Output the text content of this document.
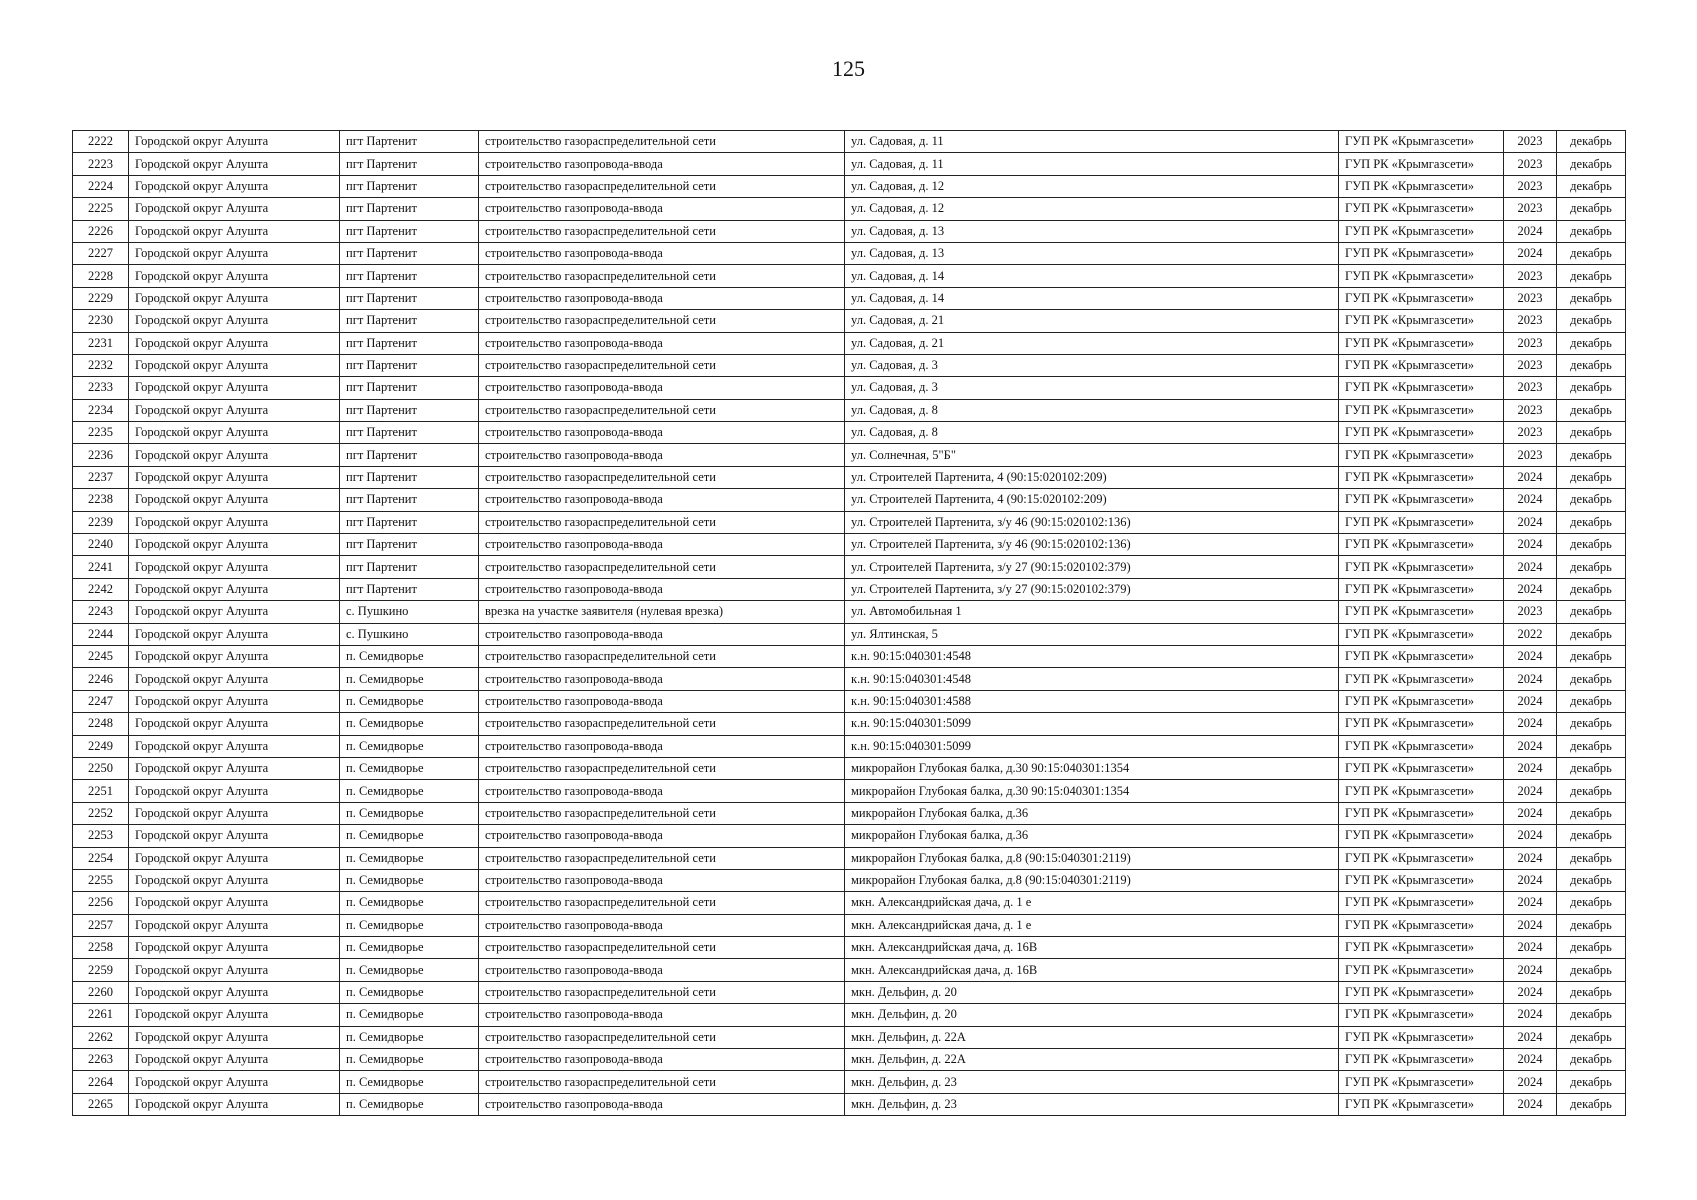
125
2222	Городской округ Алушта	пгт Партенит	строительство газораспределительной сети	ул. Садовая, д. 11	ГУП РК «Крымгазсети»	2023	декабрь
2223	Городской округ Алушта	пгт Партенит	строительство газопровода-ввода	ул. Садовая, д. 11	ГУП РК «Крымгазсети»	2023	декабрь
2224	Городской округ Алушта	пгт Партенит	строительство газораспределительной сети	ул. Садовая, д. 12	ГУП РК «Крымгазсети»	2023	декабрь
2225	Городской округ Алушта	пгт Партенит	строительство газопровода-ввода	ул. Садовая, д. 12	ГУП РК «Крымгазсети»	2023	декабрь
2226	Городской округ Алушта	пгт Партенит	строительство газораспределительной сети	ул. Садовая, д. 13	ГУП РК «Крымгазсети»	2024	декабрь
2227	Городской округ Алушта	пгт Партенит	строительство газопровода-ввода	ул. Садовая, д. 13	ГУП РК «Крымгазсети»	2024	декабрь
2228	Городской округ Алушта	пгт Партенит	строительство газораспределительной сети	ул. Садовая, д. 14	ГУП РК «Крымгазсети»	2023	декабрь
2229	Городской округ Алушта	пгт Партенит	строительство газопровода-ввода	ул. Садовая, д. 14	ГУП РК «Крымгазсети»	2023	декабрь
2230	Городской округ Алушта	пгт Партенит	строительство газораспределительной сети	ул. Садовая, д. 21	ГУП РК «Крымгазсети»	2023	декабрь
2231	Городской округ Алушта	пгт Партенит	строительство газопровода-ввода	ул. Садовая, д. 21	ГУП РК «Крымгазсети»	2023	декабрь
2232	Городской округ Алушта	пгт Партенит	строительство газораспределительной сети	ул. Садовая, д. 3	ГУП РК «Крымгазсети»	2023	декабрь
2233	Городской округ Алушта	пгт Партенит	строительство газопровода-ввода	ул. Садовая, д. 3	ГУП РК «Крымгазсети»	2023	декабрь
2234	Городской округ Алушта	пгт Партенит	строительство газораспределительной сети	ул. Садовая, д. 8	ГУП РК «Крымгазсети»	2023	декабрь
2235	Городской округ Алушта	пгт Партенит	строительство газопровода-ввода	ул. Садовая, д. 8	ГУП РК «Крымгазсети»	2023	декабрь
2236	Городской округ Алушта	пгт Партенит	строительство газопровода-ввода	ул. Солнечная, 5"Б"	ГУП РК «Крымгазсети»	2023	декабрь
2237	Городской округ Алушта	пгт Партенит	строительство газораспределительной сети	ул. Строителей Партенита, 4 (90:15:020102:209)	ГУП РК «Крымгазсети»	2024	декабрь
2238	Городской округ Алушта	пгт Партенит	строительство газопровода-ввода	ул. Строителей Партенита, 4 (90:15:020102:209)	ГУП РК «Крымгазсети»	2024	декабрь
2239	Городской округ Алушта	пгт Партенит	строительство газораспределительной сети	ул. Строителей Партенита, з/у 46 (90:15:020102:136)	ГУП РК «Крымгазсети»	2024	декабрь
2240	Городской округ Алушта	пгт Партенит	строительство газопровода-ввода	ул. Строителей Партенита, з/у 46 (90:15:020102:136)	ГУП РК «Крымгазсети»	2024	декабрь
2241	Городской округ Алушта	пгт Партенит	строительство газораспределительной сети	ул. Строителей Партенита, з/у 27 (90:15:020102:379)	ГУП РК «Крымгазсети»	2024	декабрь
2242	Городской округ Алушта	пгт Партенит	строительство газопровода-ввода	ул. Строителей Партенита, з/у 27 (90:15:020102:379)	ГУП РК «Крымгазсети»	2024	декабрь
2243	Городской округ Алушта	с. Пушкино	врезка на участке заявителя (нулевая врезка)	ул. Автомобильная 1	ГУП РК «Крымгазсети»	2023	декабрь
2244	Городской округ Алушта	с. Пушкино	строительство газопровода-ввода	ул. Ялтинская, 5	ГУП РК «Крымгазсети»	2022	декабрь
2245	Городской округ Алушта	п. Семидворье	строительство газораспределительной сети	к.н. 90:15:040301:4548	ГУП РК «Крымгазсети»	2024	декабрь
2246	Городской округ Алушта	п. Семидворье	строительство газопровода-ввода	к.н. 90:15:040301:4548	ГУП РК «Крымгазсети»	2024	декабрь
2247	Городской округ Алушта	п. Семидворье	строительство газопровода-ввода	к.н. 90:15:040301:4588	ГУП РК «Крымгазсети»	2024	декабрь
2248	Городской округ Алушта	п. Семидворье	строительство газораспределительной сети	к.н. 90:15:040301:5099	ГУП РК «Крымгазсети»	2024	декабрь
2249	Городской округ Алушта	п. Семидворье	строительство газопровода-ввода	к.н. 90:15:040301:5099	ГУП РК «Крымгазсети»	2024	декабрь
2250	Городской округ Алушта	п. Семидворье	строительство газораспределительной сети	микрорайон Глубокая балка, д.30 90:15:040301:1354	ГУП РК «Крымгазсети»	2024	декабрь
2251	Городской округ Алушта	п. Семидворье	строительство газопровода-ввода	микрорайон Глубокая балка, д.30 90:15:040301:1354	ГУП РК «Крымгазсети»	2024	декабрь
2252	Городской округ Алушта	п. Семидворье	строительство газораспределительной сети	микрорайон Глубокая балка, д.36	ГУП РК «Крымгазсети»	2024	декабрь
2253	Городской округ Алушта	п. Семидворье	строительство газопровода-ввода	микрорайон Глубокая балка, д.36	ГУП РК «Крымгазсети»	2024	декабрь
2254	Городской округ Алушта	п. Семидворье	строительство газораспределительной сети	микрорайон Глубокая балка, д.8 (90:15:040301:2119)	ГУП РК «Крымгазсети»	2024	декабрь
2255	Городской округ Алушта	п. Семидворье	строительство газопровода-ввода	микрорайон Глубокая балка, д.8 (90:15:040301:2119)	ГУП РК «Крымгазсети»	2024	декабрь
2256	Городской округ Алушта	п. Семидворье	строительство газораспределительной сети	мкн. Александрийская дача, д. 1 е	ГУП РК «Крымгазсети»	2024	декабрь
2257	Городской округ Алушта	п. Семидворье	строительство газопровода-ввода	мкн. Александрийская дача, д. 1 е	ГУП РК «Крымгазсети»	2024	декабрь
2258	Городской округ Алушта	п. Семидворье	строительство газораспределительной сети	мкн. Александрийская дача, д. 16В	ГУП РК «Крымгазсети»	2024	декабрь
2259	Городской округ Алушта	п. Семидворье	строительство газопровода-ввода	мкн. Александрийская дача, д. 16В	ГУП РК «Крымгазсети»	2024	декабрь
2260	Городской округ Алушта	п. Семидворье	строительство газораспределительной сети	мкн. Дельфин, д. 20	ГУП РК «Крымгазсети»	2024	декабрь
2261	Городской округ Алушта	п. Семидворье	строительство газопровода-ввода	мкн. Дельфин, д. 20	ГУП РК «Крымгазсети»	2024	декабрь
2262	Городской округ Алушта	п. Семидворье	строительство газораспределительной сети	мкн. Дельфин, д. 22А	ГУП РК «Крымгазсети»	2024	декабрь
2263	Городской округ Алушта	п. Семидворье	строительство газопровода-ввода	мкн. Дельфин, д. 22А	ГУП РК «Крымгазсети»	2024	декабрь
2264	Городской округ Алушта	п. Семидворье	строительство газораспределительной сети	мкн. Дельфин, д. 23	ГУП РК «Крымгазсети»	2024	декабрь
2265	Городской округ Алушта	п. Семидворье	строительство газопровода-ввода	мкн. Дельфин, д. 23	ГУП РК «Крымгазсети»	2024	декабрь
